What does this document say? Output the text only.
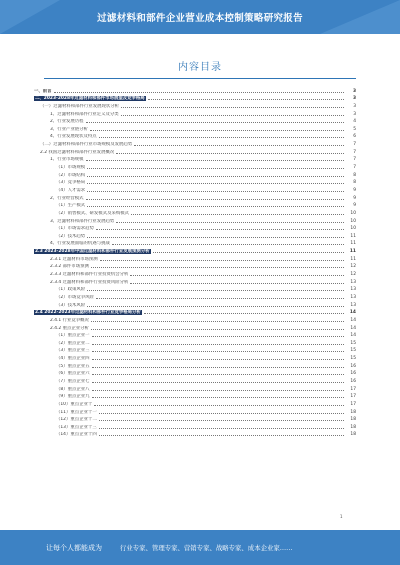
过滤材料和部件企业营业成本控制策略研究报告
内容目录
一、前言	3
二、2023-2028年过滤材料和部件市场展望及竞争格局	3
（一）过滤材料和部件行业发展现状分析	3
1、过滤材料和部件行业定义及分类	3
2、行业发展历程	4
3、行业产业链分析	5
4、行业发展现状及特点	6
（二）过滤材料和部件行业市场规模及发展趋势	7
2.2 我国过滤材料和部件行业发展概况	7
1、行业市场规模	7
（1）市场规模	7
（2）市场结构	8
（3）竞争格局	8
（4）人才需求	9
2、行业经营模式	9
（1）生产模式	9
（2）销售模式、研发模式及采购模式	10
3、过滤材料和部件行业发展趋势	10
（1）市场需求趋势	10
（2）技术趋势	11
4、行业发展面临的机遇与挑战	11
2.3 2023-2028年中国过滤材料和部件行业发展预测分析	11
2.3.1 过滤材料市场预测	11
2.3.2 部件市场预测	12
2.3.3 过滤材料和部件行业投资机会分析	12
2.3.4 过滤材料和部件行业投资风险分析	13
（1）政策风险	13
（2）市场竞争风险	13
（3）技术风险	13
2.4 2022-2023年过滤材料和部件行业竞争格局分析	14
2.4.1 行业竞争概况	14
2.4.2 重点企业分析	14
（1）重点企业一	14
（2）重点企业二	15
（3）重点企业三	15
（4）重点企业四	15
（5）重点企业五	16
（6）重点企业六	16
（7）重点企业七	16
（8）重点企业八	17
（9）重点企业九	17
（10）重点企业十	17
（11）重点企业十一	18
（12）重点企业十二	18
（13）重点企业十三	18
（14）重点企业十四	18
1
让每个人都能成为	行业专家、管理专家、营销专家、战略专家、成本企业家……
